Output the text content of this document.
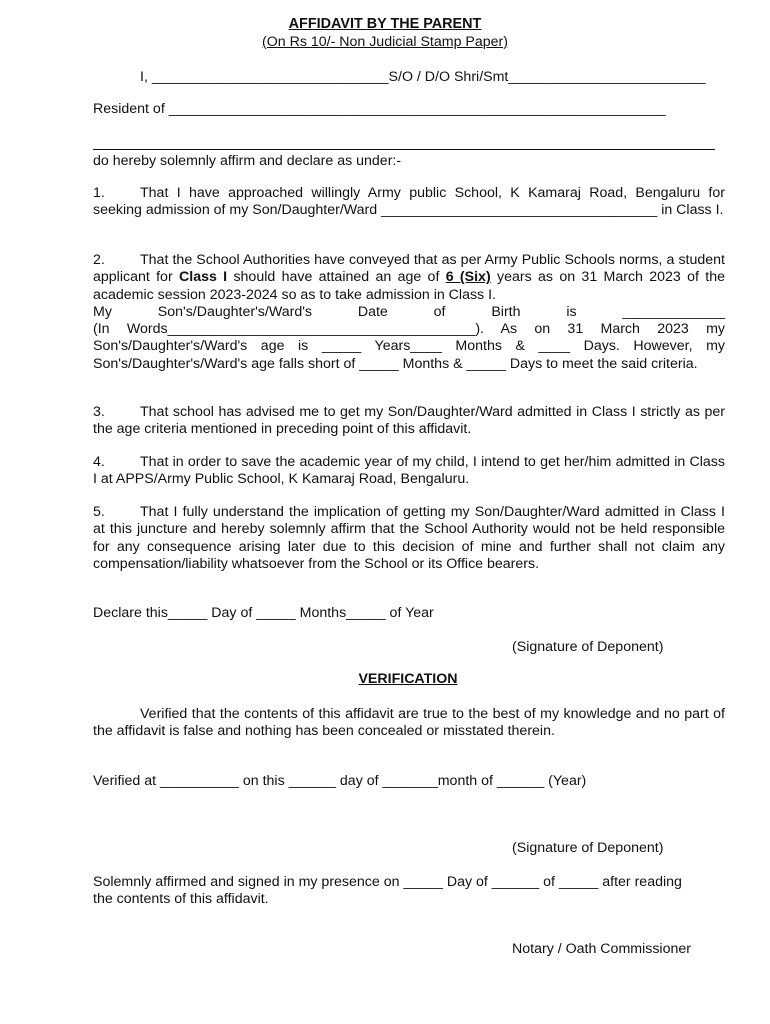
AFFIDAVIT BY THE PARENT
(On Rs 10/- Non Judicial Stamp Paper)
I, ______________________________S/O / D/O Shri/Smt_________________________
Resident of _______________________________________________________________
do hereby solemnly affirm and declare as under:-
1. That I have approached willingly Army public School, K Kamaraj Road, Bengaluru for seeking admission of my Son/Daughter/Ward ___________________________________ in Class I.
2. That the School Authorities have conveyed that as per Army Public Schools norms, a student applicant for Class I should have attained an age of 6 (Six) years as on 31 March 2023 of the academic session 2023-2024 so as to take admission in Class I.
My	Son's/Daughter's/Ward's	Date	of	Birth	is	_____________
(In Words_______________________________________). As on 31 March 2023 my Son's/Daughter's/Ward's age is _____ Years____ Months & ____ Days. However, my Son's/Daughter's/Ward's age falls short of _____ Months & _____ Days to meet the said criteria.
3. That school has advised me to get my Son/Daughter/Ward admitted in Class I strictly as per the age criteria mentioned in preceding point of this affidavit.
4. That in order to save the academic year of my child, I intend to get her/him admitted in Class I at APPS/Army Public School, K Kamaraj Road, Bengaluru.
5. That I fully understand the implication of getting my Son/Daughter/Ward admitted in Class I at this juncture and hereby solemnly affirm that the School Authority would not be held responsible for any consequence arising later due to this decision of mine and further shall not claim any compensation/liability whatsoever from the School or its Office bearers.
Declare this_____ Day of _____ Months_____ of Year
(Signature of Deponent)
VERIFICATION
Verified that the contents of this affidavit are true to the best of my knowledge and no part of the affidavit is false and nothing has been concealed or misstated therein.
Verified at __________ on this ______ day of _______month of ______ (Year)
(Signature of Deponent)
Solemnly affirmed and signed in my presence on _____ Day of ______ of _____ after reading the contents of this affidavit.
Notary / Oath Commissioner
